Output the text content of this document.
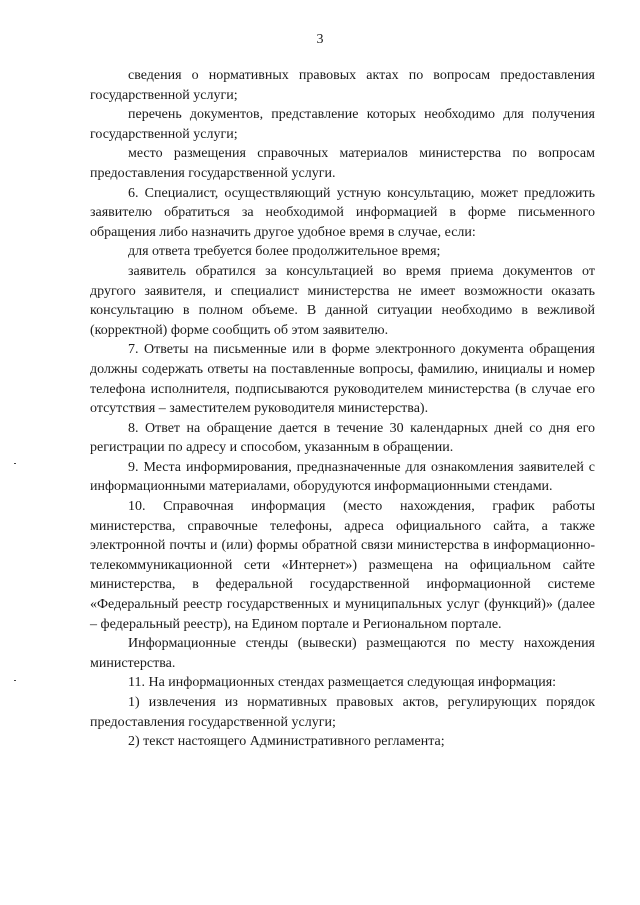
3

сведения о нормативных правовых актах по вопросам предоставления государственной услуги;

перечень документов, представление которых необходимо для получения государственной услуги;

место размещения справочных материалов министерства по вопросам предоставления государственной услуги.

6. Специалист, осуществляющий устную консультацию, может предложить заявителю обратиться за необходимой информацией в форме письменного обращения либо назначить другое удобное время в случае, если:

для ответа требуется более продолжительное время;

заявитель обратился за консультацией во время приема документов от другого заявителя, и специалист министерства не имеет возможности оказать консультацию в полном объеме. В данной ситуации необходимо в вежливой (корректной) форме сообщить об этом заявителю.

7. Ответы на письменные или в форме электронного документа обращения должны содержать ответы на поставленные вопросы, фамилию, инициалы и номер телефона исполнителя, подписываются руководителем министерства (в случае его отсутствия – заместителем руководителя министерства).

8. Ответ на обращение дается в течение 30 календарных дней со дня его регистрации по адресу и способом, указанным в обращении.

9. Места информирования, предназначенные для ознакомления заявителей с информационными материалами, оборудуются информационными стендами.

10. Справочная информация (место нахождения, график работы министерства, справочные телефоны, адреса официального сайта, а также электронной почты и (или) формы обратной связи министерства в информационно-телекоммуникационной сети «Интернет») размещена на официальном сайте министерства, в федеральной государственной информационной системе «Федеральный реестр государственных и муниципальных услуг (функций)» (далее – федеральный реестр), на Едином портале и Региональном портале.

Информационные стенды (вывески) размещаются по месту нахождения министерства.

11. На информационных стендах размещается следующая информация:

1) извлечения из нормативных правовых актов, регулирующих порядок предоставления государственной услуги;

2) текст настоящего Административного регламента;
